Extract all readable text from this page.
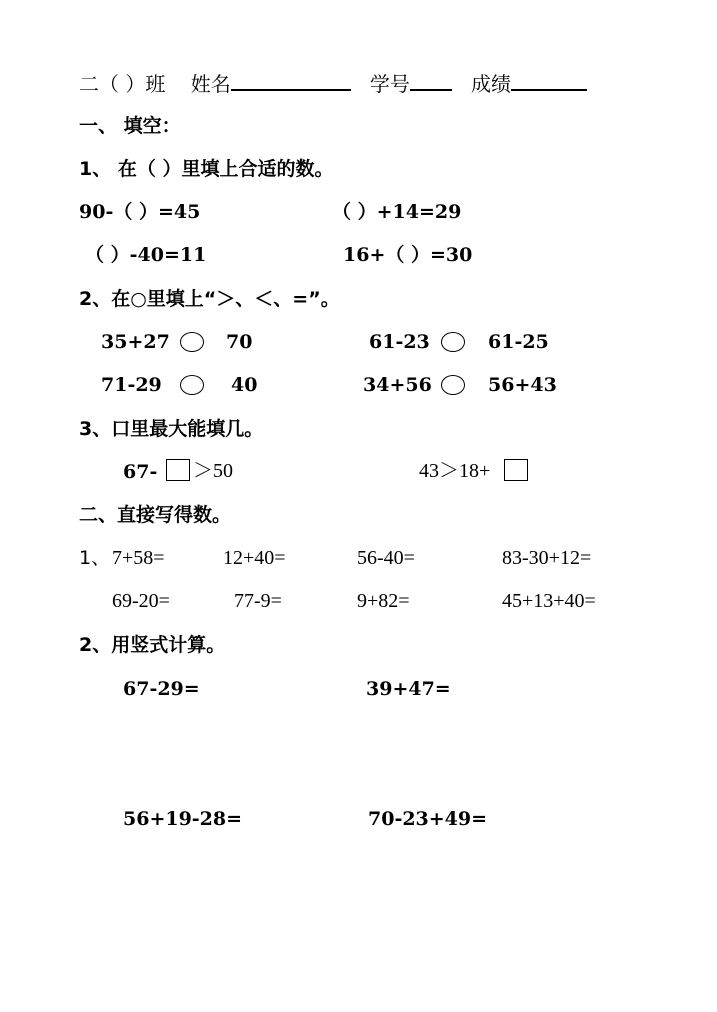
二（ ）班 姓名	学号	成绩
一、 填空：
1、 在（ ）里填上合适的数。
90-（ ）=45	（ ）+14=29
（ ）-40=11	16+（ ）=30
2、在○里填上“＞、＜、=”。
35+27	70	61-23	61-25
71-29	40	34+56	56+43
3、口里最大能填几。
67- ＞50	43＞18+
二、直接写得数。
1、 7+58=	12+40=	56-40=	83-30+12=
69-20=	77-9=	9+82=	45+13+40=
2、用竖式计算。
67-29=	39+47=
56+19-28=	70-23+49=
